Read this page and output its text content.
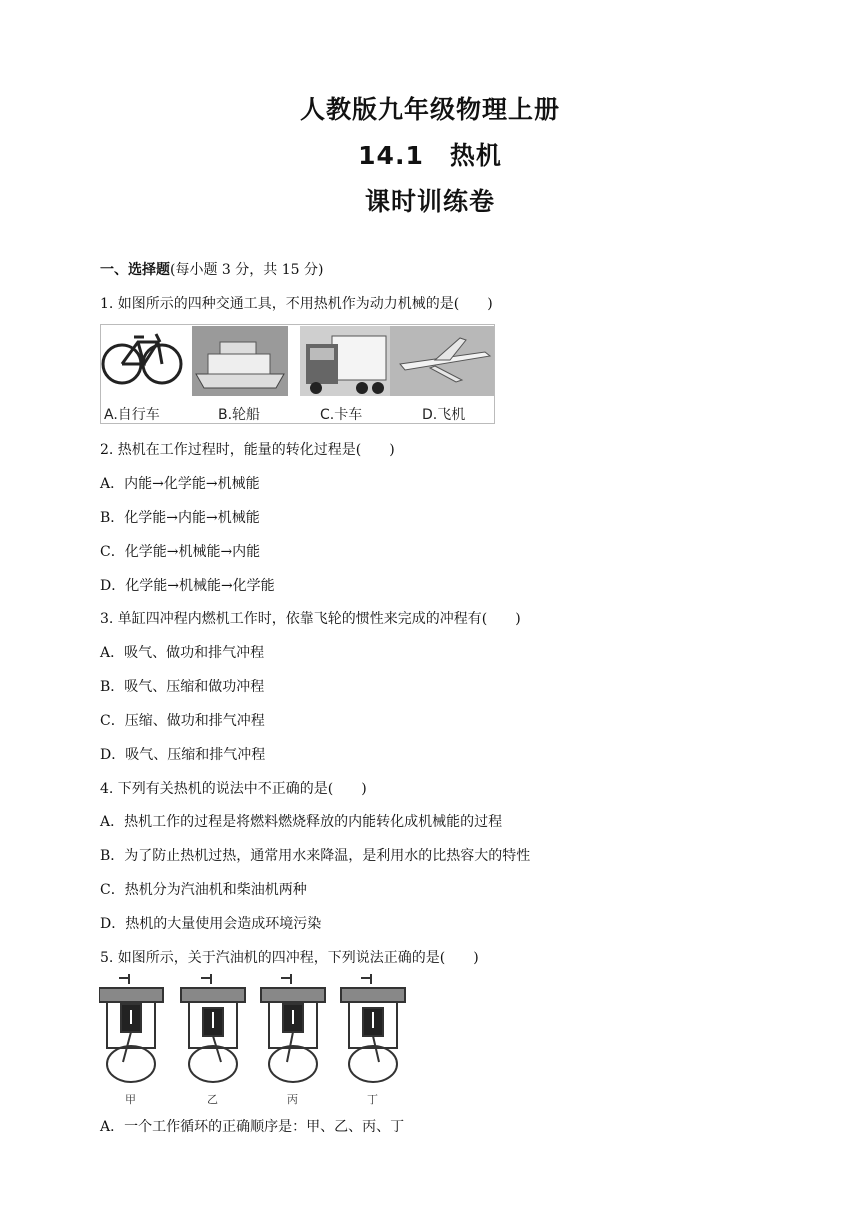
人教版九年级物理上册
14.1　热机
课时训练卷
一、选择题(每小题 3 分，共 15 分)
1. 如图所示的四种交通工具，不用热机作为动力机械的是(　　)
A.自行车	B.轮船	C.卡车	D.飞机
2. 热机在工作过程时，能量的转化过程是(　　)
A．内能→化学能→机械能
B．化学能→内能→机械能
C．化学能→机械能→内能
D．化学能→机械能→化学能
3. 单缸四冲程内燃机工作时，依靠飞轮的惯性来完成的冲程有(　　)
A．吸气、做功和排气冲程
B．吸气、压缩和做功冲程
C．压缩、做功和排气冲程
D．吸气、压缩和排气冲程
4. 下列有关热机的说法中不正确的是(　　)
A．热机工作的过程是将燃料燃烧释放的内能转化成机械能的过程
B．为了防止热机过热，通常用水来降温，是利用水的比热容大的特性
C．热机分为汽油机和柴油机两种
D．热机的大量使用会造成环境污染
5. 如图所示，关于汽油机的四冲程，下列说法正确的是(　　)
甲	乙	丙	丁
A．一个工作循环的正确顺序是：甲、乙、丙、丁
